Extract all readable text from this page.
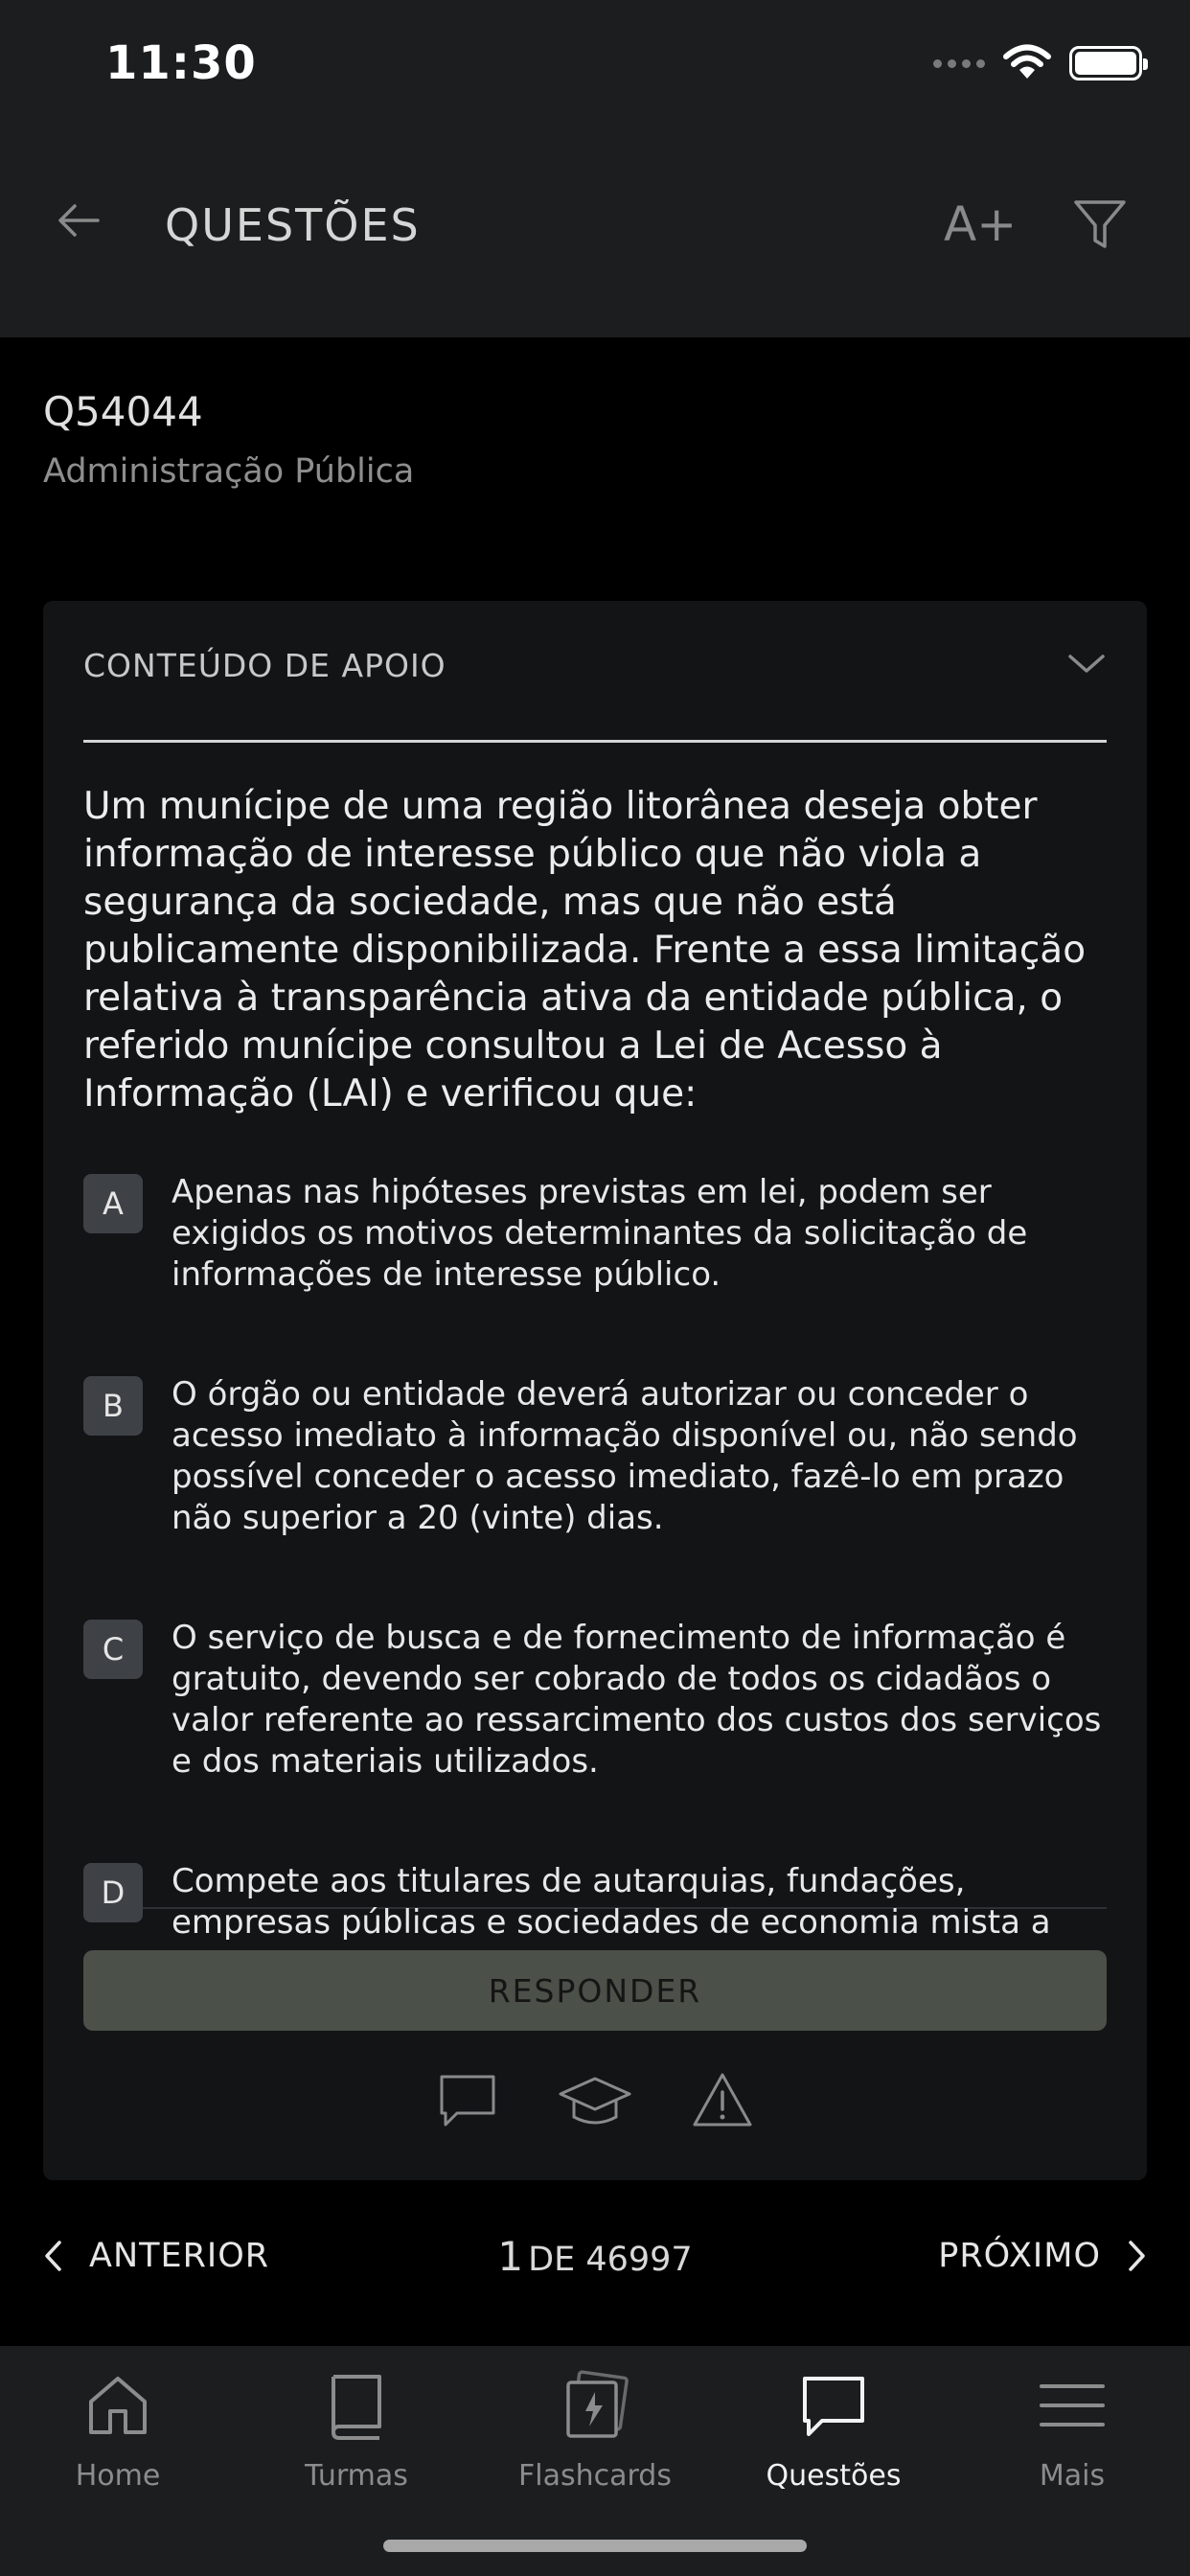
11:30
QUESTÕES	A+
Q54044
Administração Pública
CONTEÚDO DE APOIO

Um munícipe de uma região litorânea deseja obter informação de interesse público que não viola a segurança da sociedade, mas que não está publicamente disponibilizada. Frente a essa limitação relativa à transparência ativa da entidade pública, o referido munícipe consultou a Lei de Acesso à Informação (LAI) e verificou que:

A	Apenas nas hipóteses previstas em lei, podem ser exigidos os motivos determinantes da solicitação de informações de interesse público.
B	O órgão ou entidade deverá autorizar ou conceder o acesso imediato à informação disponível ou, não sendo possível conceder o acesso imediato, fazê-lo em prazo não superior a 20 (vinte) dias.
C	O serviço de busca e de fornecimento de informação é gratuito, devendo ser cobrado de todos os cidadãos o valor referente ao ressarcimento dos custos dos serviços e dos materiais utilizados.
D	Compete aos titulares de autarquias, fundações, empresas públicas e sociedades de economia mista a
RESPONDER
ANTERIOR	1 DE 46997	PRÓXIMO
Home	Turmas	Flashcards	Questões	Mais
